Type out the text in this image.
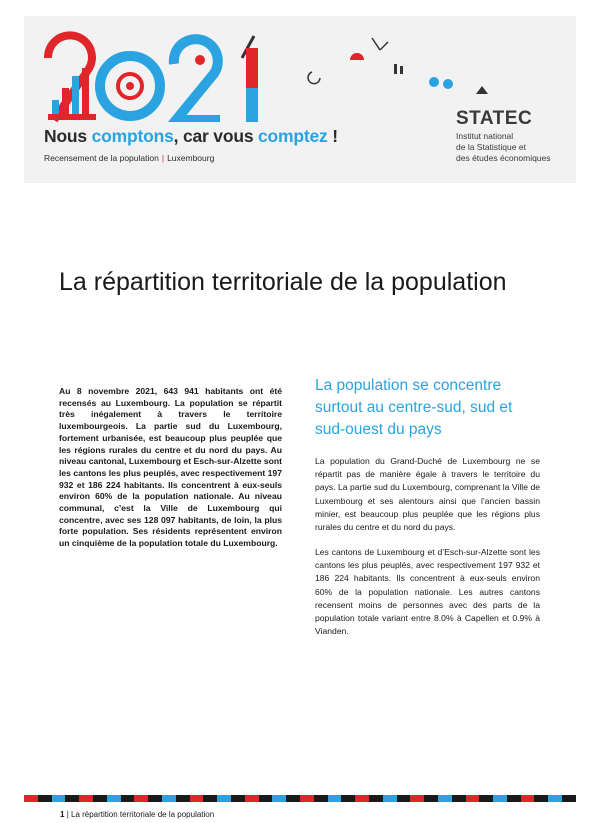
Nous comptons, car vous comptez !
Recensement de la population | Luxembourg
STATEC
Institut national
de la Statistique et
des études économiques
La répartition territoriale de la population

Au 8 novembre 2021, 643 941 habitants ont été recensés au Luxembourg. La population se répartit très inégalement à travers le territoire luxembourgeois. La partie sud du Luxembourg, fortement urbanisée, est beaucoup plus peuplée que les régions rurales du centre et du nord du pays. Au niveau cantonal, Luxembourg et Esch-sur-Alzette sont les cantons les plus peuplés, avec respectivement 197 932 et 186 224 habitants. Ils concentrent à eux-seuls environ 60% de la population nationale. Au niveau communal, c’est la Ville de Luxembourg qui concentre, avec ses 128 097 habitants, de loin, la plus forte population. Ses résidents représentent environ un cinquième de la population totale du Luxembourg.

La population se concentre surtout au centre-sud, sud et sud-ouest du pays

La population du Grand-Duché de Luxembourg ne se répartit pas de manière égale à travers le territoire du pays. La partie sud du Luxembourg, comprenant la Ville de Luxembourg et ses alentours ainsi que l’ancien bassin minier, est beaucoup plus peuplée que les régions plus rurales du centre et du nord du pays.

Les cantons de Luxembourg et d’Esch-sur-Alzette sont les cantons les plus peuplés, avec respectivement 197 932 et 186 224 habitants. Ils concentrent à eux-seuls environ 60% de la population nationale. Les autres cantons recensent moins de personnes avec des parts de la population totale variant entre 8.0% à Capellen et 0.9% à Vianden.

1 | La répartition territoriale de la population
